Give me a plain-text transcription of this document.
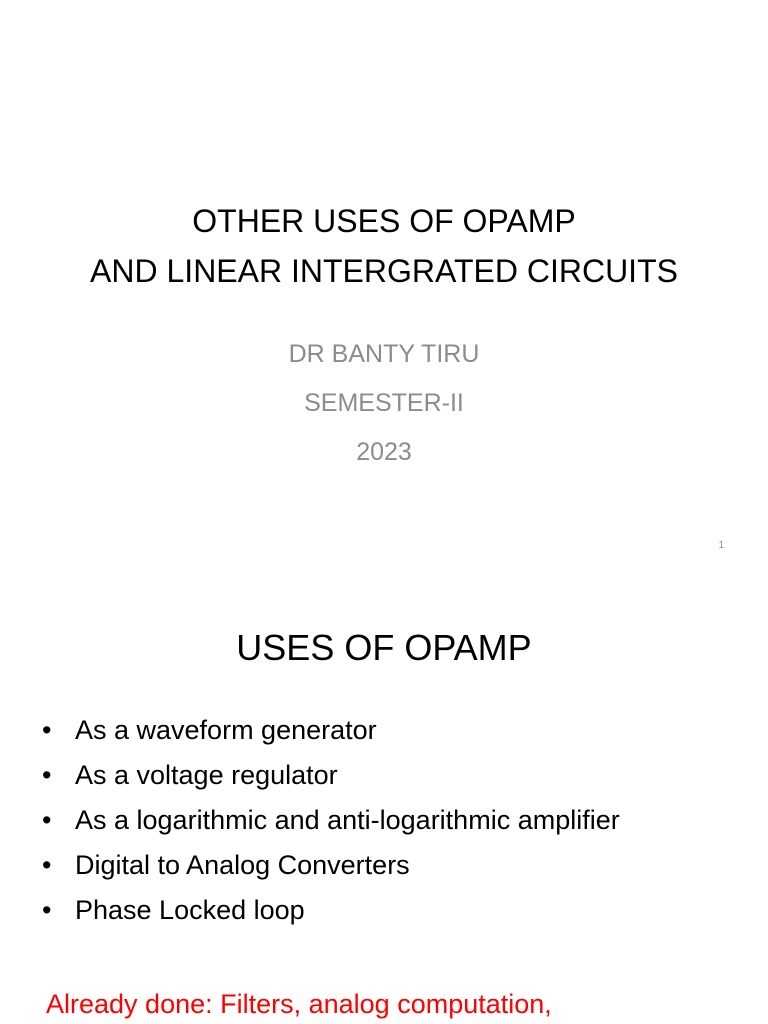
OTHER USES OF OPAMP
AND LINEAR INTERGRATED CIRCUITS
DR BANTY TIRU
SEMESTER-II
2023
1
USES OF OPAMP
• As a waveform generator
• As a voltage regulator
• As a logarithmic and anti-logarithmic amplifier
• Digital to Analog Converters
• Phase Locked loop
Already done: Filters, analog computation,
